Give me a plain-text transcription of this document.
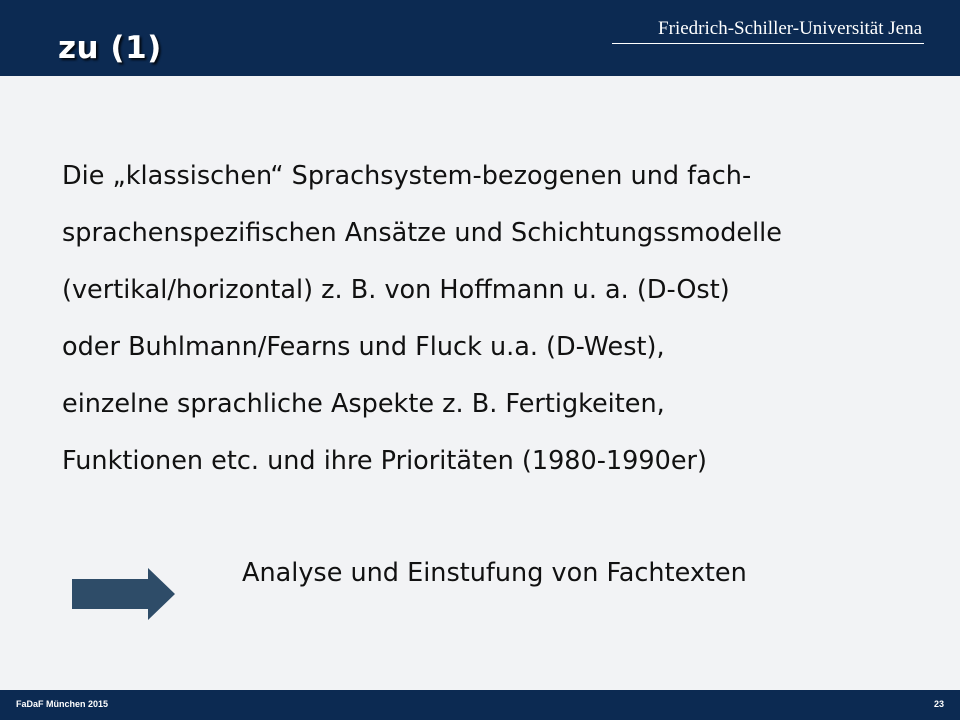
zu (1)
Friedrich-Schiller-Universität Jena
Die „klassischen“ Sprachsystem-bezogenen und fach-
sprachenspezifischen Ansätze und Schichtungssmodelle
(vertikal/horizontal) z. B. von Hoffmann u. a. (D-Ost)
oder Buhlmann/Fearns und Fluck u.a. (D-West),
einzelne sprachliche Aspekte z. B. Fertigkeiten,
Funktionen etc. und ihre Prioritäten (1980-1990er)
Analyse und Einstufung von Fachtexten
FaDaF München 2015	23
